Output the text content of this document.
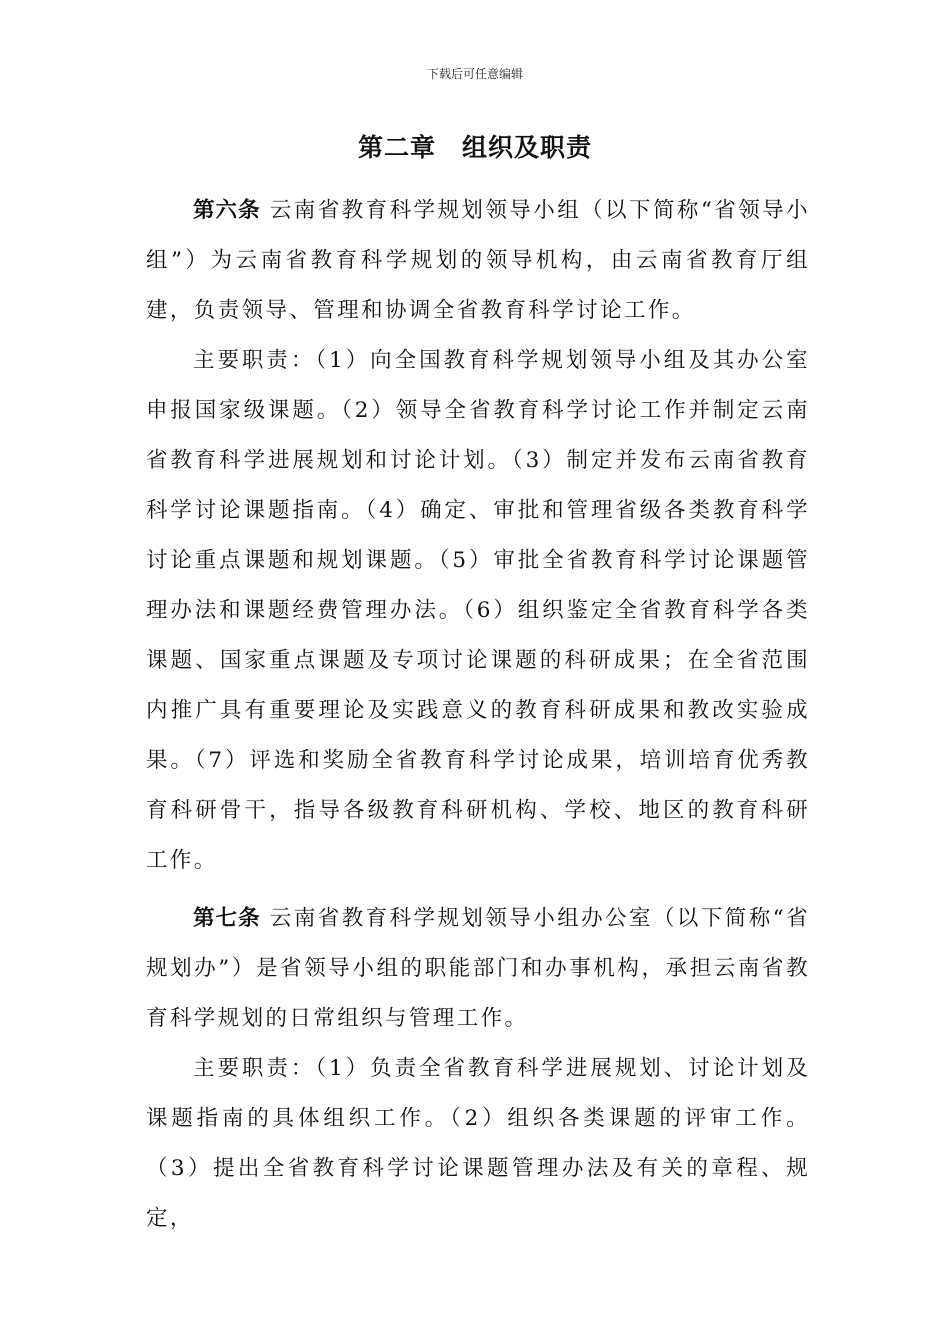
下载后可任意编辑
第二章 组织及职责

第六条 云南省教育科学规划领导小组（以下简称“省领导小组”）为云南省教育科学规划的领导机构，由云南省教育厅组建，负责领导、管理和协调全省教育科学讨论工作。

主要职责：（1）向全国教育科学规划领导小组及其办公室申报国家级课题。（2）领导全省教育科学讨论工作并制定云南省教育科学进展规划和讨论计划。（3）制定并发布云南省教育科学讨论课题指南。（4）确定、审批和管理省级各类教育科学讨论重点课题和规划课题。（5）审批全省教育科学讨论课题管理办法和课题经费管理办法。（6）组织鉴定全省教育科学各类课题、国家重点课题及专项讨论课题的科研成果；在全省范围内推广具有重要理论及实践意义的教育科研成果和教改实验成果。（7）评选和奖励全省教育科学讨论成果，培训培育优秀教育科研骨干，指导各级教育科研机构、学校、地区的教育科研工作。

第七条 云南省教育科学规划领导小组办公室（以下简称“省规划办”）是省领导小组的职能部门和办事机构，承担云南省教育科学规划的日常组织与管理工作。

主要职责：（1）负责全省教育科学进展规划、讨论计划及课题指南的具体组织工作。（2）组织各类课题的评审工作。（3）提出全省教育科学讨论课题管理办法及有关的章程、规定，
